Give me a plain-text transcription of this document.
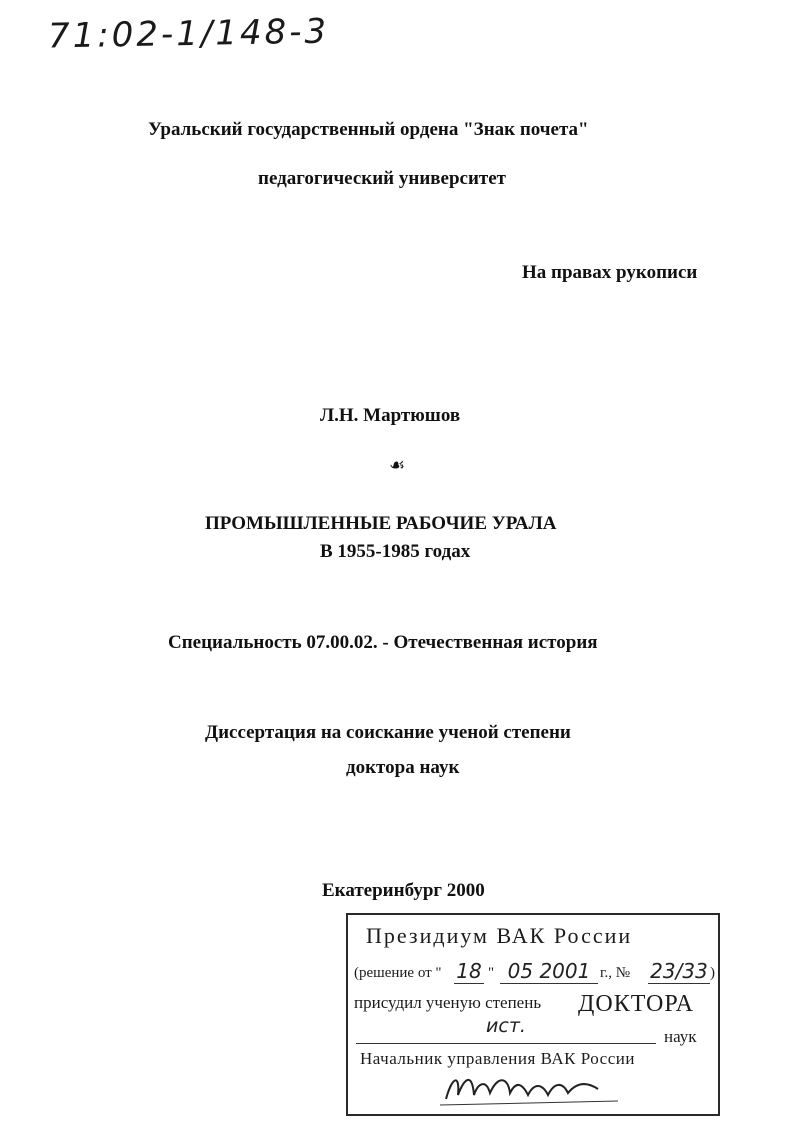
71:02-1/148-3
Уральский государственный ордена "Знак почета"
педагогический университет
На правах рукописи
Л.Н. Мартюшов
☙
ПРОМЫШЛЕННЫЕ РАБОЧИЕ УРАЛА
В 1955-1985 годах
Специальность 07.00.02. - Отечественная история
Диссертация на соискание ученой степени
доктора наук
Екатеринбург 2000
Президиум ВАК России
(решение от " 18 " 05 2001 г., № 23/33 )
присудил ученую степень ДОКТОРА
ист.	наук
Начальник управления ВАК России
